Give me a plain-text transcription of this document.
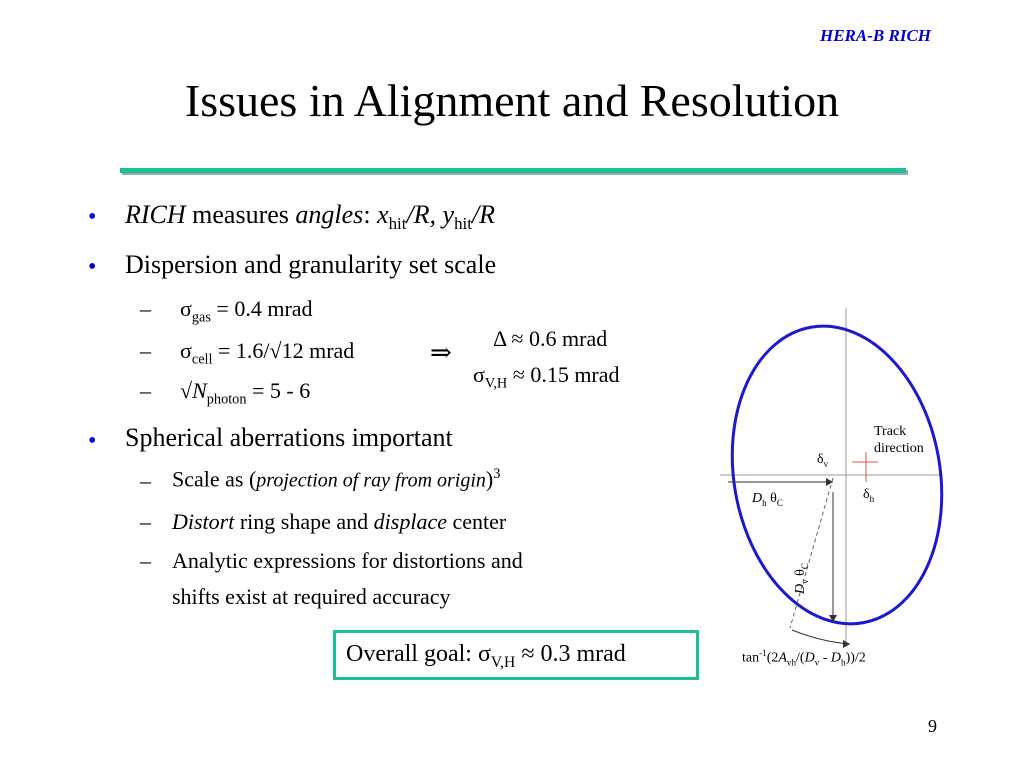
HERA-B RICH
Issues in Alignment and Resolution
• RICH measures angles: $x_{hit}/R$, $y_{hit}/R$
• Dispersion and granularity set scale
– $\sigma_{gas} = 0.4$ mrad
– $\sigma_{cell} = 1.6/√12$ mrad	⇒
– $√N_{photon} = 5 - 6$
Δ ≈ 0.6 mrad
$\sigma_{V,H} \approx 0.15$ mrad
• Spherical aberrations important
– Scale as (projection of ray from origin)$^3$
– Distort ring shape and displace center
– Analytic expressions for distortions and
shifts exist at required accuracy
Overall goal: $\sigma_{V,H} \approx 0.3$ mrad
Track
direction
$\delta_v$
$\delta_h$
$D_h$ $\theta_C$
$D_v$ $\theta_C$
$\tan^{-1}(2A_{vh}/(D_v - D_h))/2$
9
